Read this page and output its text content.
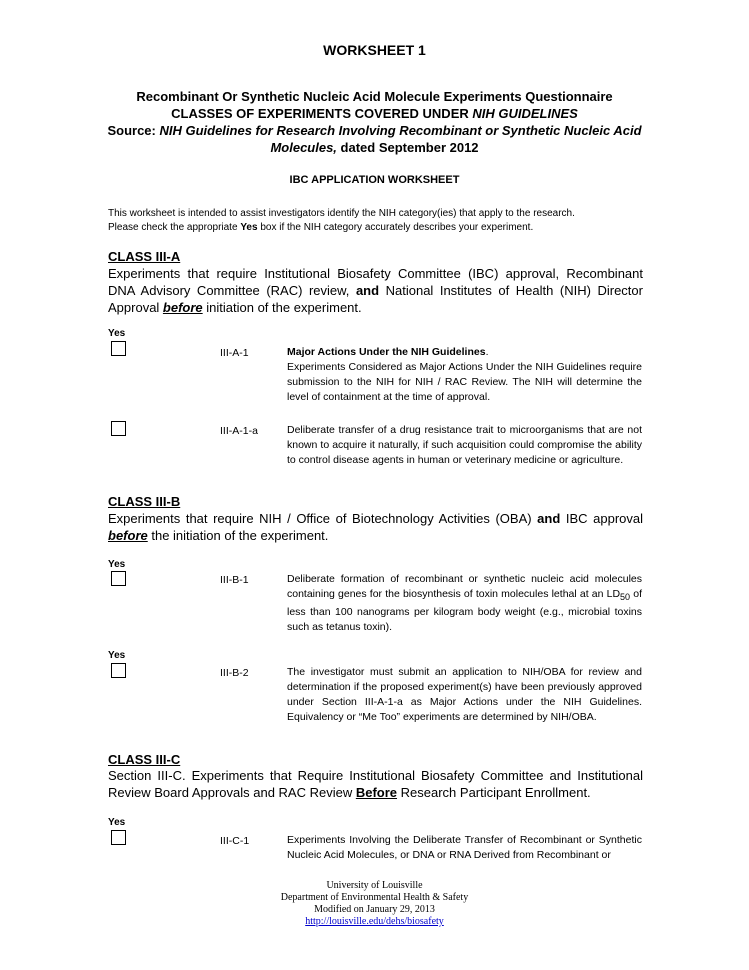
WORKSHEET 1
Recombinant Or Synthetic Nucleic Acid Molecule Experiments Questionnaire
CLASSES OF EXPERIMENTS COVERED UNDER NIH GUIDELINES
Source: NIH Guidelines for Research Involving Recombinant or Synthetic Nucleic Acid
Molecules, dated September 2012
IBC APPLICATION WORKSHEET
This worksheet is intended to assist investigators identify the NIH category(ies) that apply to the research.
Please check the appropriate Yes box if the NIH category accurately describes your experiment.
CLASS III-A
Experiments that require Institutional Biosafety Committee (IBC) approval, Recombinant DNA Advisory Committee (RAC) review, and National Institutes of Health (NIH) Director Approval before initiation of the experiment.
Yes
III-A-1	Major Actions Under the NIH Guidelines.
Experiments Considered as Major Actions Under the NIH Guidelines require submission to the NIH for NIH / RAC Review. The NIH will determine the level of containment at the time of approval.
III-A-1-a	Deliberate transfer of a drug resistance trait to microorganisms that are not known to acquire it naturally, if such acquisition could compromise the ability to control disease agents in human or veterinary medicine or agriculture.
CLASS III-B
Experiments that require NIH / Office of Biotechnology Activities (OBA) and IBC approval before the initiation of the experiment.
Yes
III-B-1	Deliberate formation of recombinant or synthetic nucleic acid molecules containing genes for the biosynthesis of toxin molecules lethal at an $LD_{50}$ of less than 100 nanograms per kilogram body weight (e.g., microbial toxins such as tetanus toxin).
Yes
III-B-2	The investigator must submit an application to NIH/OBA for review and determination if the proposed experiment(s) have been previously approved under Section III-A-1-a as Major Actions under the NIH Guidelines. Equivalency or “Me Too” experiments are determined by NIH/OBA.
CLASS III-C
Section III-C. Experiments that Require Institutional Biosafety Committee and Institutional Review Board Approvals and RAC Review Before Research Participant Enrollment.
Yes
III-C-1	Experiments Involving the Deliberate Transfer of Recombinant or Synthetic Nucleic Acid Molecules, or DNA or RNA Derived from Recombinant or
University of Louisville
Department of Environmental Health & Safety
Modified on January 29, 2013
http://louisville.edu/dehs/biosafety
